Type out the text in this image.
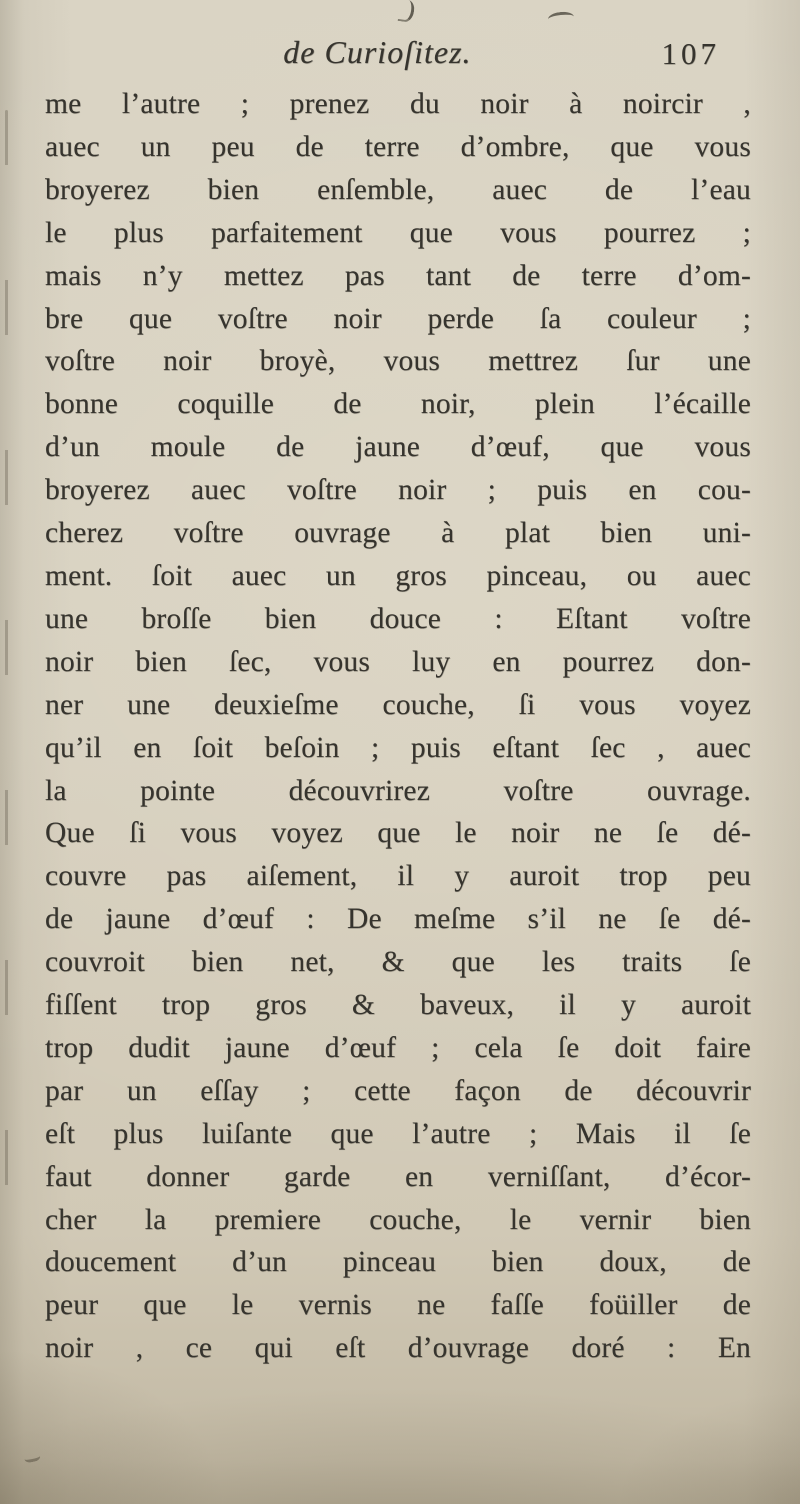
de Curioſitez.	107
me l’autre ; prenez du noir à noircir ,
auec un peu de terre d’ombre, que vous
broyerez bien enſemble, auec de l’eau
le plus parfaitement que vous pourrez ;
mais n’y mettez pas tant de terre d’om-
bre que voſtre noir perde ſa couleur ;
voſtre noir broyè, vous mettrez ſur une
bonne coquille de noir, plein l’écaille
d’un moule de jaune d’œuf, que vous
broyerez auec voſtre noir ; puis en cou-
cherez voſtre ouvrage à plat bien uni-
ment. ſoit auec un gros pinceau, ou auec
une broſſe bien douce : Eſtant voſtre
noir bien ſec, vous luy en pourrez don-
ner une deuxieſme couche, ſi vous voyez
qu’il en ſoit beſoin ; puis eſtant ſec , auec
la pointe découvrirez voſtre ouvrage.
Que ſi vous voyez que le noir ne ſe dé-
couvre pas aiſement, il y auroit trop peu
de jaune d’œuf : De meſme s’il ne ſe dé-
couvroit bien net, & que les traits ſe
fiſſent trop gros & baveux, il y auroit
trop dudit jaune d’œuf ; cela ſe doit faire
par un eſſay ; cette façon de découvrir
eſt plus luiſante que l’autre ; Mais il ſe
faut donner garde en verniſſant, d’écor-
cher la premiere couche, le vernir bien
doucement d’un pinceau bien doux, de
peur que le vernis ne faſſe foüiller de
noir , ce qui eſt d’ouvrage doré : En
